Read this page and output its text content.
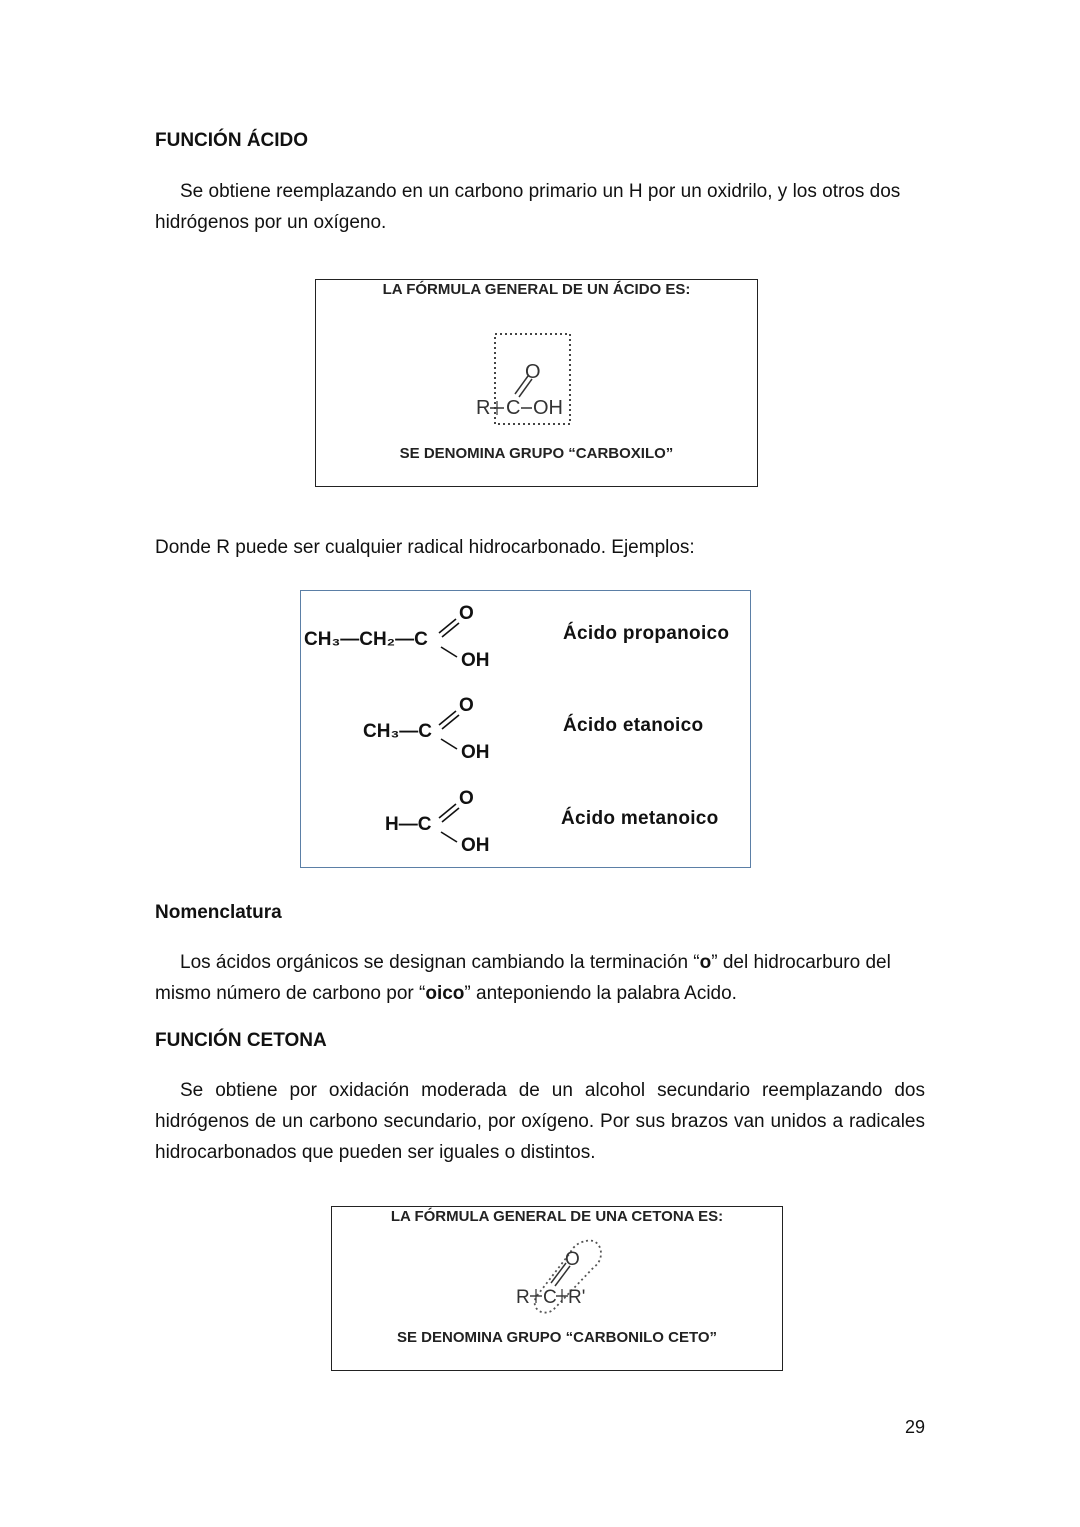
FUNCIÓN ÁCIDO
Se obtiene reemplazando en un carbono primario un H por un oxidrilo, y los otros dos hidrógenos por un oxígeno.
LA FÓRMULA GENERAL DE UN ÁCIDO ES:
R C
O
OH
SE DENOMINA GRUPO “CARBOXILO”
Donde R puede ser cualquier radical hidrocarbonado. Ejemplos:
CH₃—CH₂—C
O
OH
Ácido propanoico
CH₃—C
O
OH
Ácido etanoico
H—C
O
OH
Ácido metanoico
Nomenclatura
Los ácidos orgánicos se designan cambiando la terminación “o” del hidrocarburo del mismo número de carbono por “oico” anteponiendo la palabra Acido.
FUNCIÓN CETONA
Se obtiene por oxidación moderada de un alcohol secundario reemplazando dos hidrógenos de un carbono secundario, por oxígeno. Por sus brazos van unidos a radicales hidrocarbonados que pueden ser iguales o distintos.
LA FÓRMULA GENERAL DE UNA CETONA ES:
R C
O
R'
SE DENOMINA GRUPO “CARBONILO CETO”
29
